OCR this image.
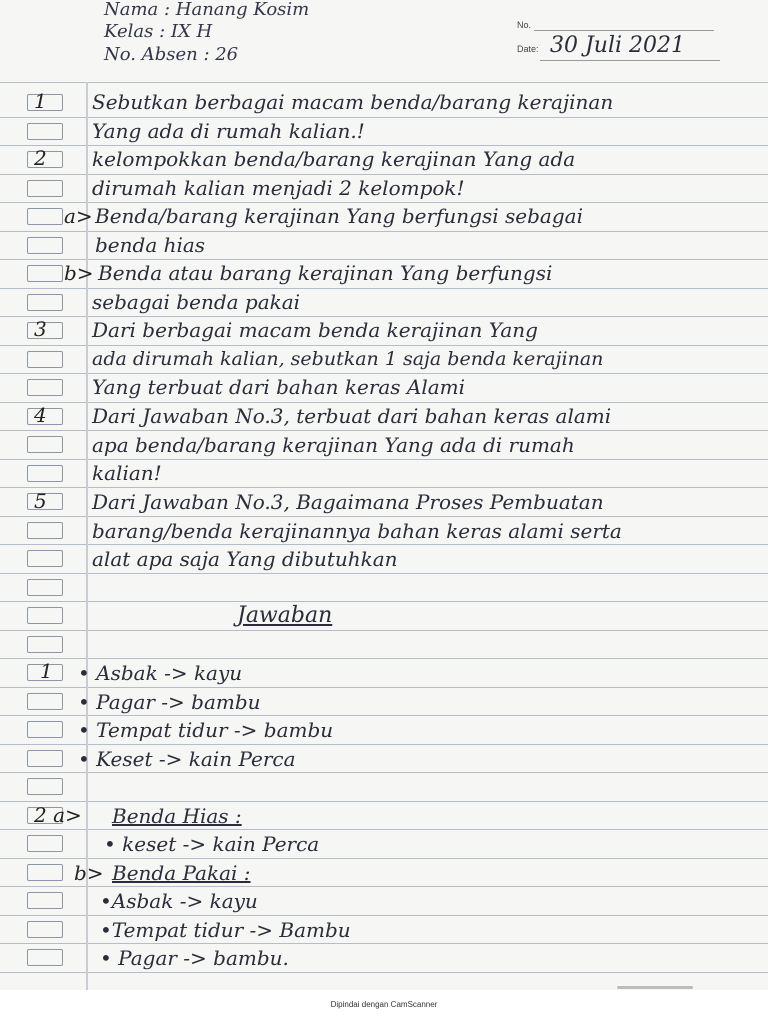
Nama : Hanang Kosim
Kelas : IX H
No. Absen : 26
No.
Date: 30 Juli 2021
1 Sebutkan berbagai macam benda/barang kerajinan
Yang ada di rumah kalian.!
2 kelompokkan benda/barang kerajinan Yang ada
dirumah kalian menjadi 2 kelompok!
a> Benda/barang kerajinan Yang berfungsi sebagai
benda hias
b> Benda atau barang kerajinan Yang berfungsi
sebagai benda pakai
3 Dari berbagai macam benda kerajinan Yang
ada dirumah kalian, sebutkan 1 saja benda kerajinan
Yang terbuat dari bahan keras Alami
4 Dari Jawaban No.3, terbuat dari bahan keras alami
apa benda/barang kerajinan Yang ada di rumah
kalian!
5 Dari Jawaban No.3, Bagaimana Proses Pembuatan
barang/benda kerajinannya bahan keras alami serta
alat apa saja Yang dibutuhkan
Jawaban
1 • Asbak -> kayu
• Pagar -> bambu
• Tempat tidur -> bambu
• Keset -> kain Perca
2 a> Benda Hias :
• keset -> kain Perca
b> Benda Pakai :
•Asbak -> kayu
•Tempat tidur -> Bambu
• Pagar -> bambu.
Dipindai dengan CamScanner
